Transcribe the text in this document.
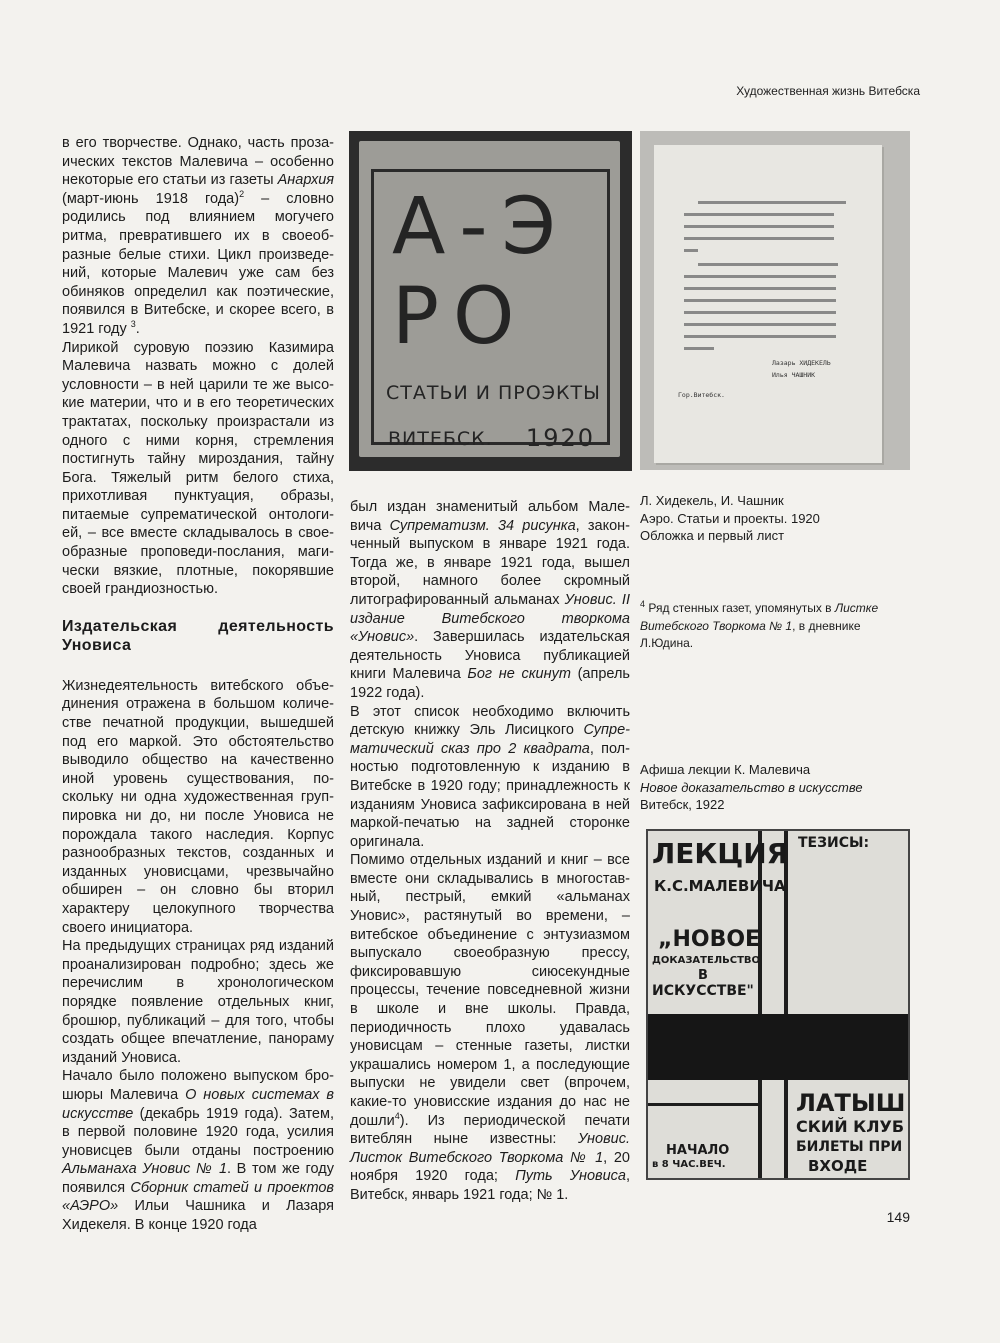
Художественная жизнь Витебска

в его творчестве. Однако, часть прозаических текстов Малевича – особенно некоторые его статьи из газеты Анархия (март-июнь 1918 года)$^2$ – словно родились под влиянием могучего ритма, превратившего их в своеобразные белые стихи. Цикл произведений, которые Малевич уже сам без обиняков определил как поэтические, появился в Витебске, и скорее всего, в 1921 году $^3$.

Лирикой суровую поэзию Казимира Малевича назвать можно с долей условности – в ней царили те же высокие материи, что и в его теоретических трактатах, поскольку произрастали из одного с ними корня, стремления постигнуть тайну мироздания, тайну Бога. Тяжелый ритм белого стиха, прихотливая пунктуация, образы, питаемые супрематической онтологией, – все вместе складывалось в своеобразные проповеди-послания, магически вязкие, плотные, покорявшие своей грандиозностью.

Издательская деятельность Уновиса

Жизнедеятельность витебского объединения отражена в большом количестве печатной продукции, вышедшей под его маркой. Это обстоятельство выводило общество на качественно иной уровень существования, поскольку ни одна художественная группировка ни до, ни после Уновиса не порождала такого наследия. Корпус разнообразных текстов, созданных и изданных уновисцами, чрезвычайно обширен – он словно бы вторил характеру целокупного творчества своего инициатора.

На предыдущих страницах ряд изданий проанализирован подробно; здесь же перечислим в хронологическом порядке появление отдельных книг, брошюр, публикаций – для того, чтобы создать общее впечатление, панораму изданий Уновиса.

Начало было положено выпуском брошюры Малевича О новых системах в искусстве (декабрь 1919 года). Затем, в первой половине 1920 года, усилия уновисцев были отданы построению Альманаха Уновис № 1. В том же году появился Сборник статей и проектов «АЭРО» Ильи Чашника и Лазаря Хидекеля. В конце 1920 года

А-Э
РО
СТАТЬИ И ПРОЭКТЫ
ВИТЕБСК. 1920
Лазарь ХИДЕКЕЛЬ
Илья ЧАШНИК
Гор.Витебск.

был издан знаменитый альбом Малевича Супрематизм. 34 рисунка, законченный выпуском в январе 1921 года. Тогда же, в январе 1921 года, вышел второй, намного более скромный литографированный альманах Уновис. II издание Витебского творкома «Уновис». Завершилась издательская деятельность Уновиса публикацией книги Малевича Бог не скинут (апрель 1922 года).

В этот список необходимо включить детскую книжку Эль Лисицкого Супрематический сказ про 2 квадрата, полностью подготовленную к изданию в Витебске в 1920 году; принадлежность к изданиям Уновиса зафиксирована в ней маркой-печатью на задней сторонке оригинала.

Помимо отдельных изданий и книг – все вместе они складывались в многоставный, пестрый, емкий «альманах Уновис», растянутый во времени, – витебское объединение с энтузиазмом выпускало своеобразную прессу, фиксировавшую сиюсекундные процессы, течение повседневной жизни в школе и вне школы. Правда, периодичность плохо удавалась уновисцам – стенные газеты, листки украшались номером 1, а последующие выпуски не увидели свет (впрочем, какие-то уновисские издания до нас не дошли$^4$). Из периодической печати витеблян ныне известны: Уновис. Листок Витебского Творкома № 1, 20 ноября 1920 года; Путь Уновиса, Витебск, январь 1921 года; № 1.

Л. Хидекель, И. Чашник
Аэро. Статьи и проекты. 1920
Обложка и первый лист
$^4$ Ряд стенных газет, упомянутых в Листке Витебского Творкома № 1, в дневнике Л.Юдина.
Афиша лекции К. Малевича
Новое доказательство в искусстве
Витебск, 1922
ЛЕКЦИЯ
К.С.МАЛЕВИЧА
„НОВОЕ
ДОКАЗАТЕЛЬСТВО
В
ИСКУССТВЕ"
ТЕЗИСЫ:
ЛАТЫШ
СКИЙ КЛУБ
БИЛЕТЫ ПРИ
ВХОДЕ
НАЧАЛО
в 8 ЧАС.ВЕЧ.
149
